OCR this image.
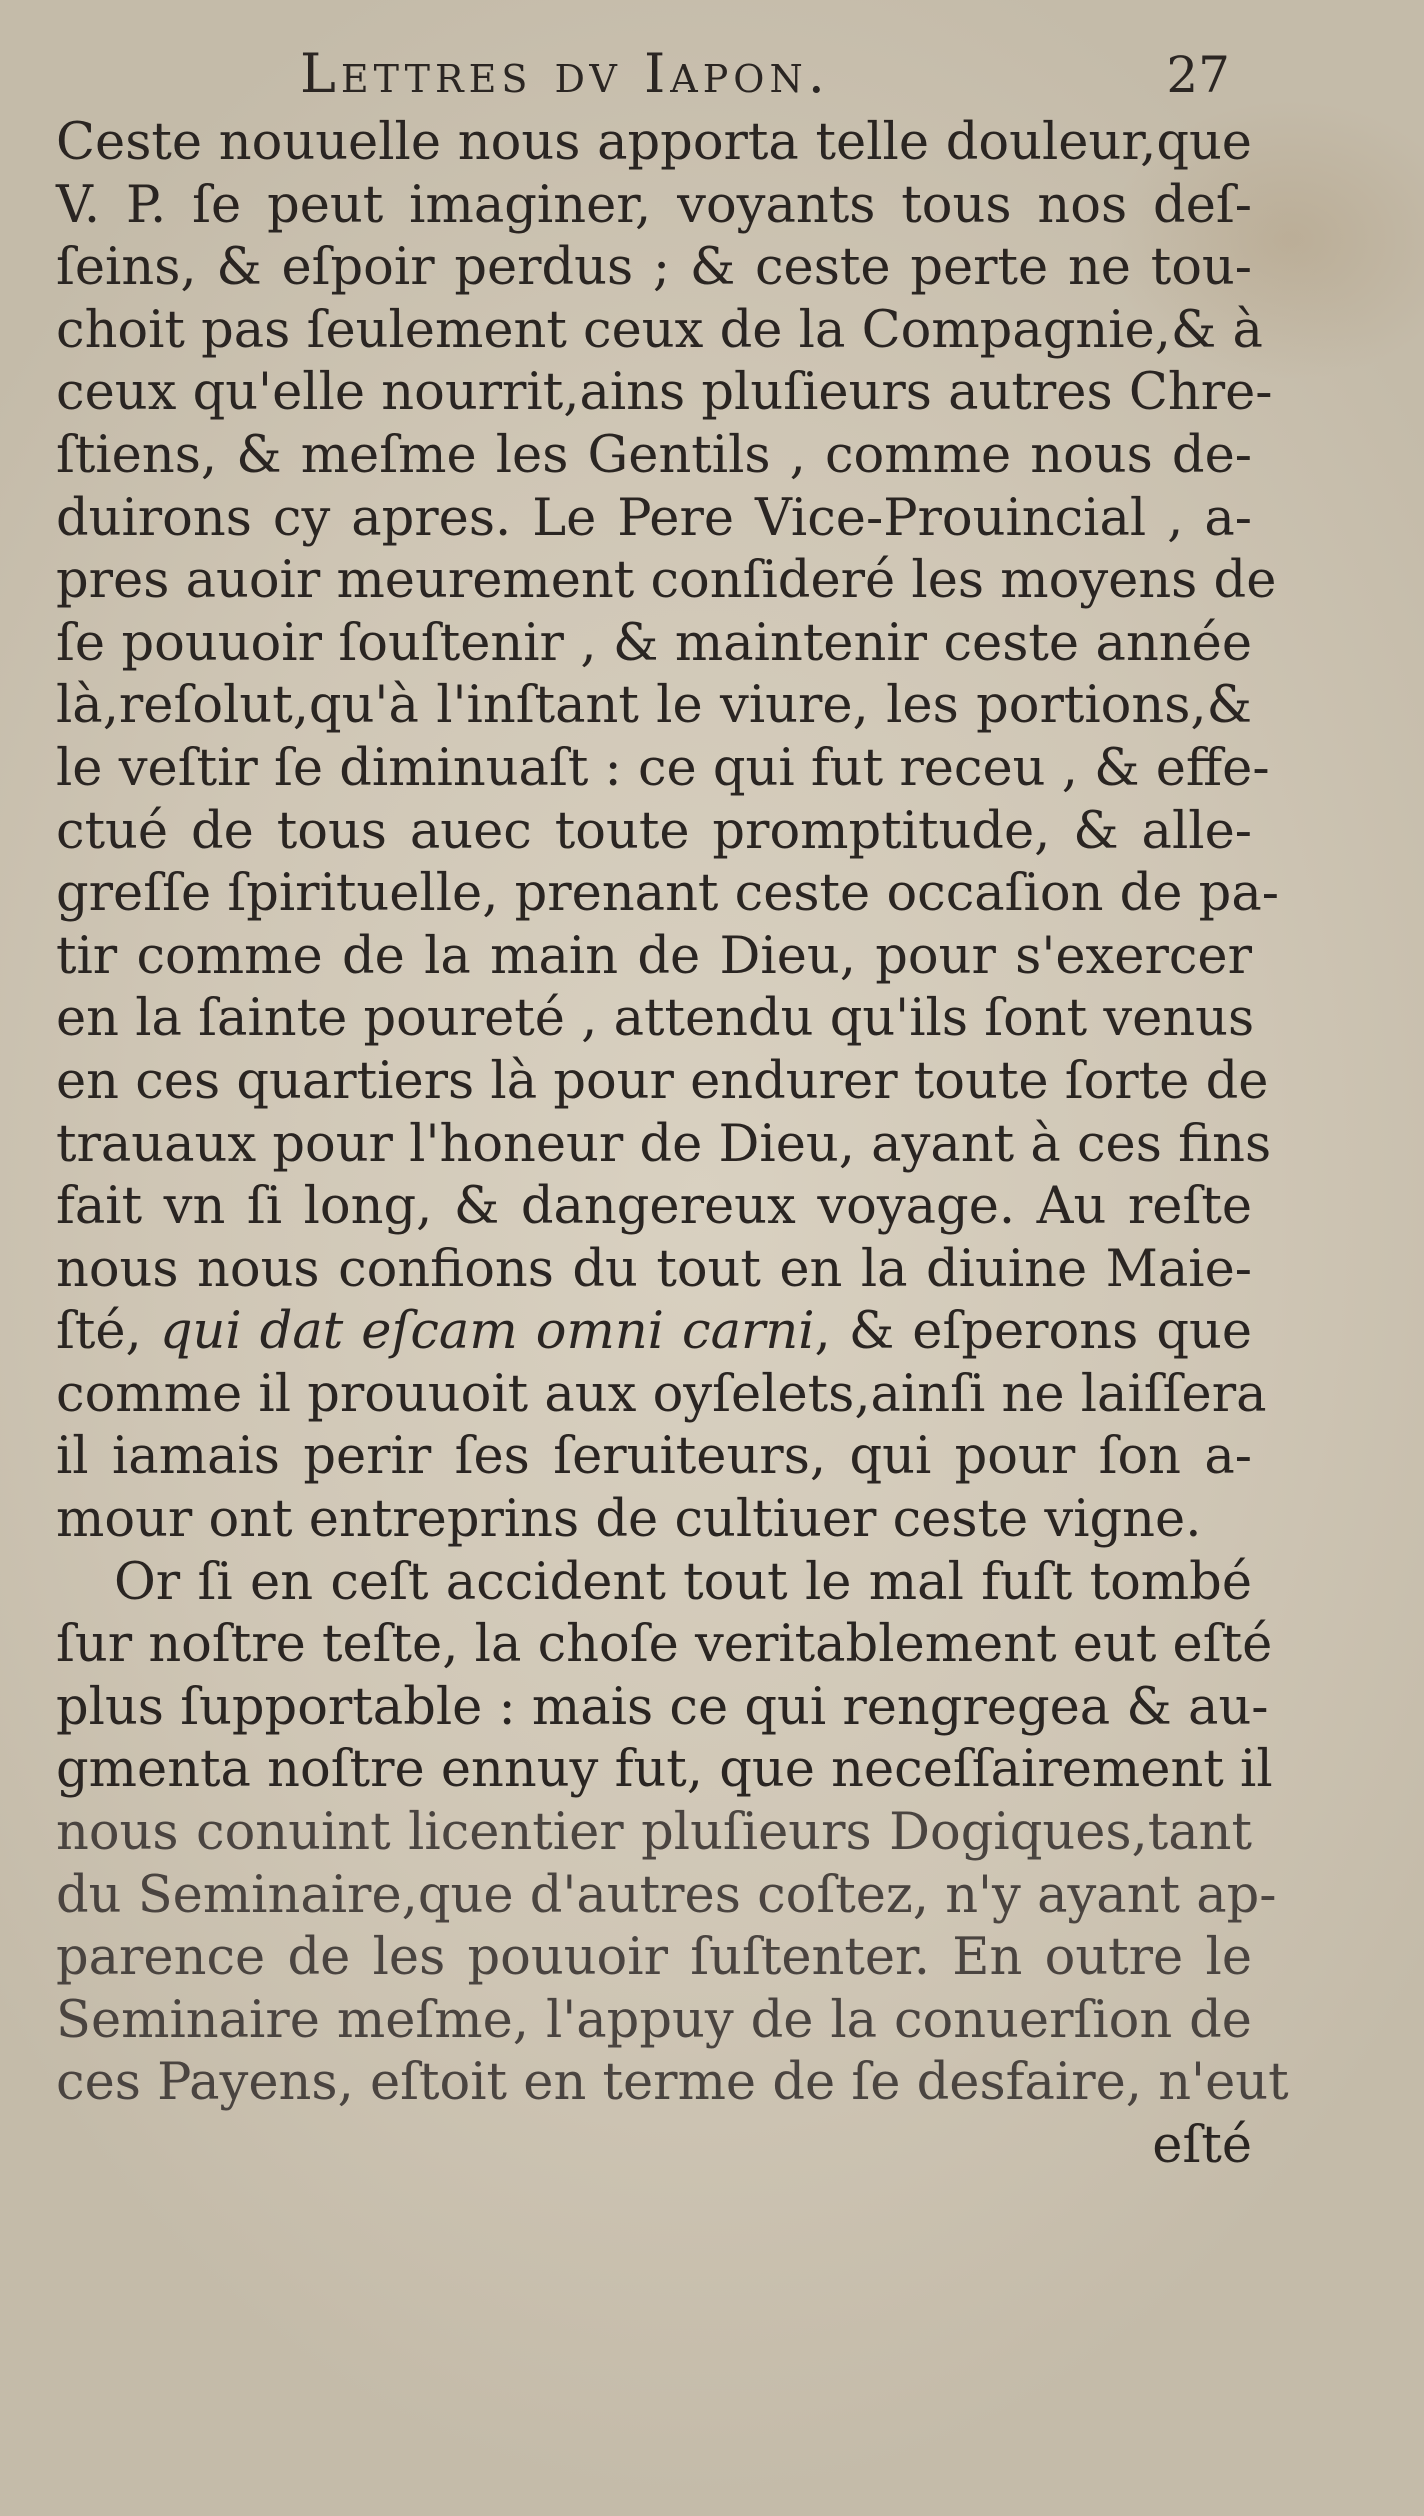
Lettres dv Iapon.	27
Ceste nouuelle nous apporta telle douleur,que
V. P. ſe peut imaginer, voyants tous nos deſ-
ſeins, & eſpoir perdus ; & ceste perte ne tou-
choit pas ſeulement ceux de la Compagnie,& à
ceux qu'elle nourrit,ains pluſieurs autres Chre-
ſtiens, & meſme les Gentils , comme nous de-
duirons cy apres. Le Pere Vice-Prouincial , a-
pres auoir meurement conſideré les moyens de
ſe pouuoir ſouſtenir , & maintenir ceste année
là,reſolut,qu'à l'inſtant le viure, les portions,&
le veſtir ſe diminuaſt : ce qui fut receu , & effe-
ctué de tous auec toute promptitude, & alle-
greſſe ſpirituelle, prenant ceste occaſion de pa-
tir comme de la main de Dieu, pour s'exercer
en la ſainte poureté , attendu qu'ils ſont venus
en ces quartiers là pour endurer toute ſorte de
trauaux pour l'honeur de Dieu, ayant à ces fins
fait vn ſi long, & dangereux voyage. Au reſte
nous nous confions du tout en la diuine Maie-
ſté, qui dat eſcam omni carni, & eſperons que
comme il prouuoit aux oyſelets,ainſi ne laiſſera
il iamais perir ſes ſeruiteurs, qui pour ſon a-
mour ont entreprins de cultiuer ceste vigne.
Or ſi en ceſt accident tout le mal fuſt tombé
ſur noſtre teſte, la choſe veritablement eut eſté
plus ſupportable : mais ce qui rengregea & au-
gmenta noſtre ennuy fut, que neceſſairement il
nous conuint licentier pluſieurs Dogiques,tant
du Seminaire,que d'autres coſtez, n'y ayant ap-
parence de les pouuoir ſuſtenter. En outre le
Seminaire meſme, l'appuy de la conuerſion de
ces Payens, eſtoit en terme de ſe desfaire, n'eut
eſté
